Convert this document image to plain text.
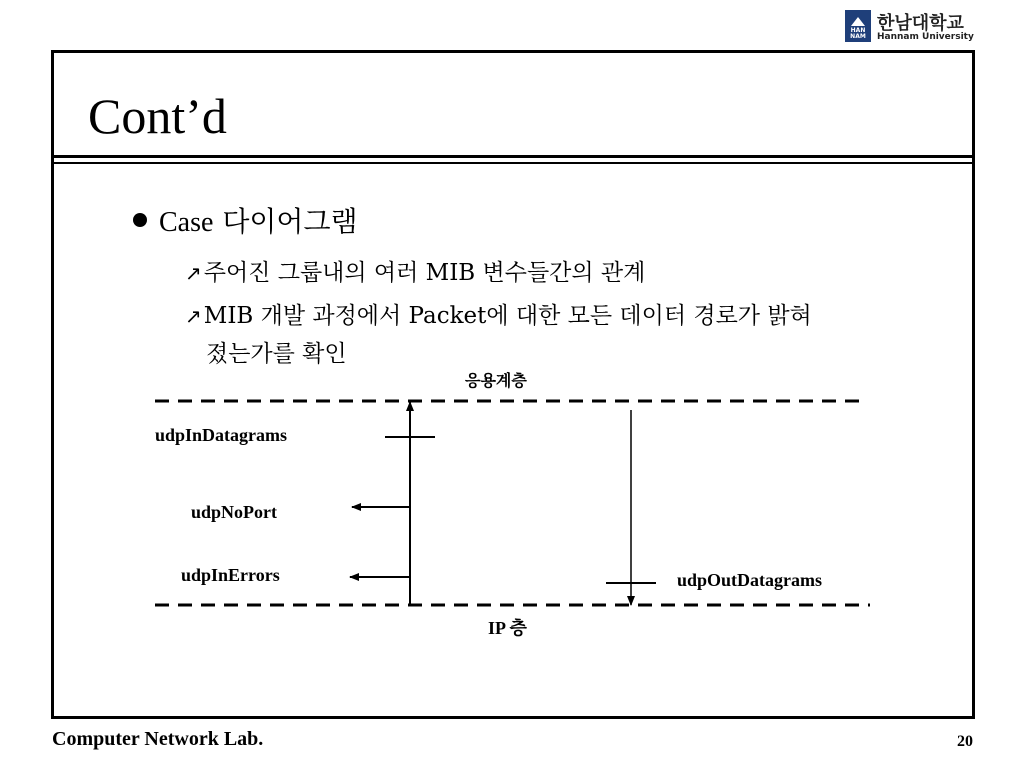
HAN NAM
한남대학교
Hannam University
Cont’d
Case 다이어그램
↗주어진 그룹내의 여러 MIB 변수들간의 관계
↗MIB 개발 과정에서 Packet에 대한 모든 데이터 경로가 밝혀
졌는가를 확인
응용계층
IP 층
udpInDatagrams
udpNoPort
udpInErrors	udpOutDatagrams
Computer Network Lab.	20
